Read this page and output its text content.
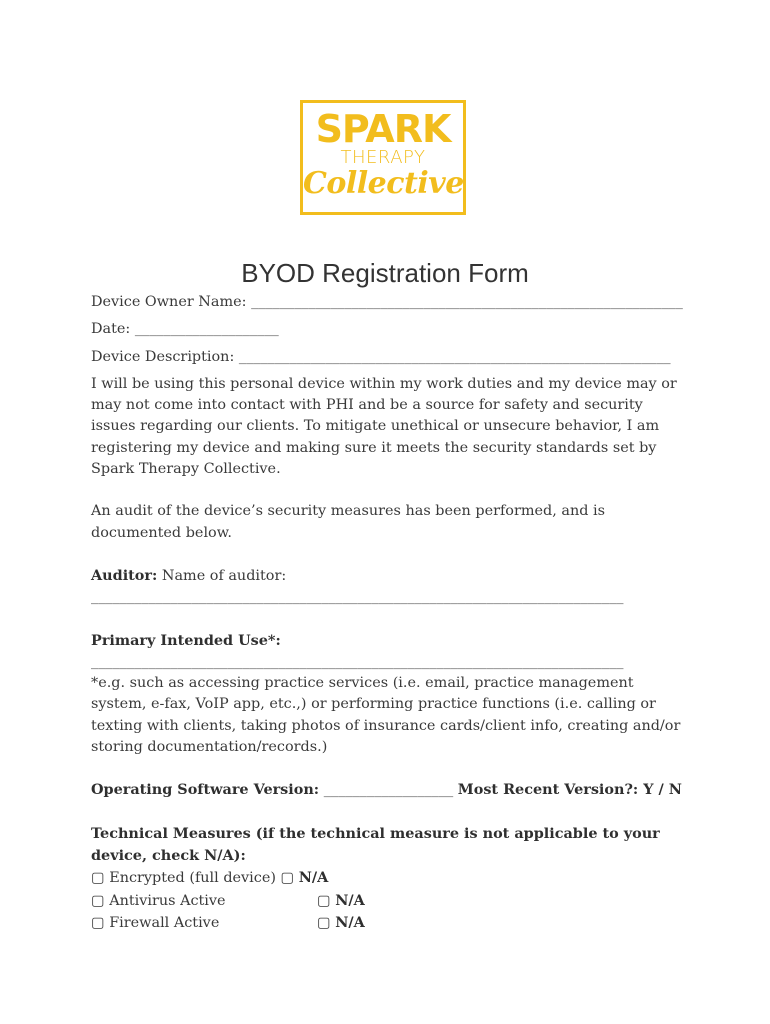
SPARK
THERAPY
Collective
BYOD Registration Form

Device Owner Name: ____________________________________________________________

Date: ____________________

Device Description: ____________________________________________________________

I will be using this personal device within my work duties and my device may or may not come into contact with PHI and be a source for safety and security issues regarding our clients. To mitigate unethical or unsecure behavior, I am registering my device and making sure it meets the security standards set by Spark Therapy Collective.

An audit of the device’s security measures has been performed, and is documented below.

Auditor: Name of auditor:

__________________________________________________________________________

Primary Intended Use*:

__________________________________________________________________________

*e.g. such as accessing practice services (i.e. email, practice management system, e-fax, VoIP app, etc.,) or performing practice functions (i.e. calling or texting with clients, taking photos of insurance cards/client info, creating and/or storing documentation/records.)

Operating Software Version: __________________ Most Recent Version?: Y / N

Technical Measures (if the technical measure is not applicable to your device, check N/A):

▢ Encrypted (full device) ▢ N/A

▢ Antivirus Active	▢ N/A

▢ Firewall Active	▢ N/A
